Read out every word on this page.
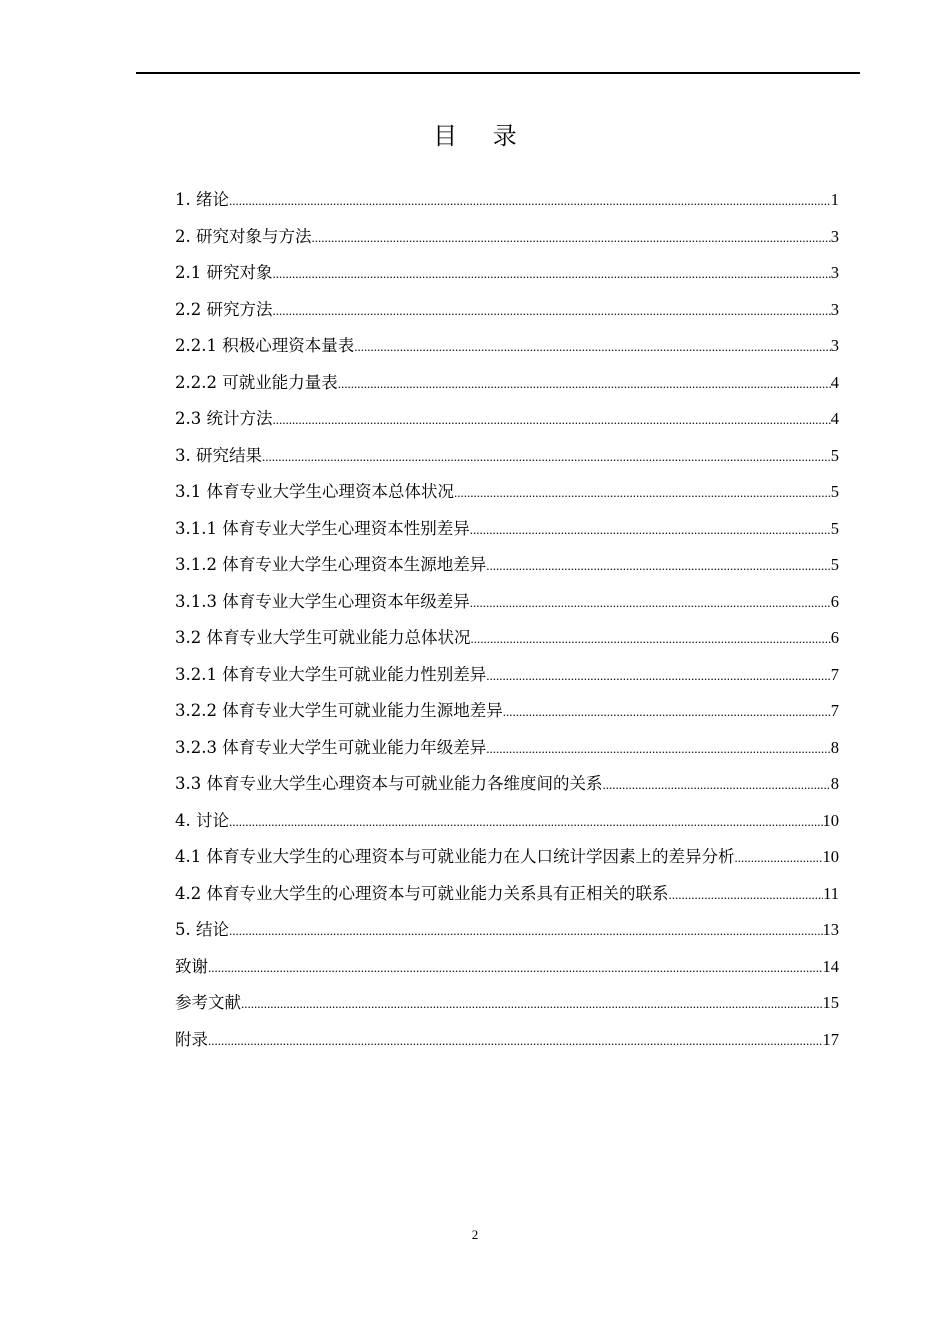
目 录
1. 绪论 .....	1
2. 研究对象与方法 .....	3
2.1 研究对象 .....	3
2.2 研究方法 .....	3
2.2.1 积极心理资本量表 .....	3
2.2.2 可就业能力量表 .....	4
2.3 统计方法 .....	4
3. 研究结果 .....	5
3.1 体育专业大学生心理资本总体状况 .....	5
3.1.1 体育专业大学生心理资本性别差异 .....	5
3.1.2 体育专业大学生心理资本生源地差异 .....	5
3.1.3 体育专业大学生心理资本年级差异 .....	6
3.2 体育专业大学生可就业能力总体状况 .....	6
3.2.1 体育专业大学生可就业能力性别差异 .....	7
3.2.2 体育专业大学生可就业能力生源地差异 .....	7
3.2.3 体育专业大学生可就业能力年级差异 .....	8
3.3 体育专业大学生心理资本与可就业能力各维度间的关系 .....	8
4. 讨论 .....	10
4.1 体育专业大学生的心理资本与可就业能力在人口统计学因素上的差异分析 .....	10
4.2 体育专业大学生的心理资本与可就业能力关系具有正相关的联系 .....	11
5. 结论 .....	13
致谢 .....	14
参考文献 .....	15
附录 .....	17
2
